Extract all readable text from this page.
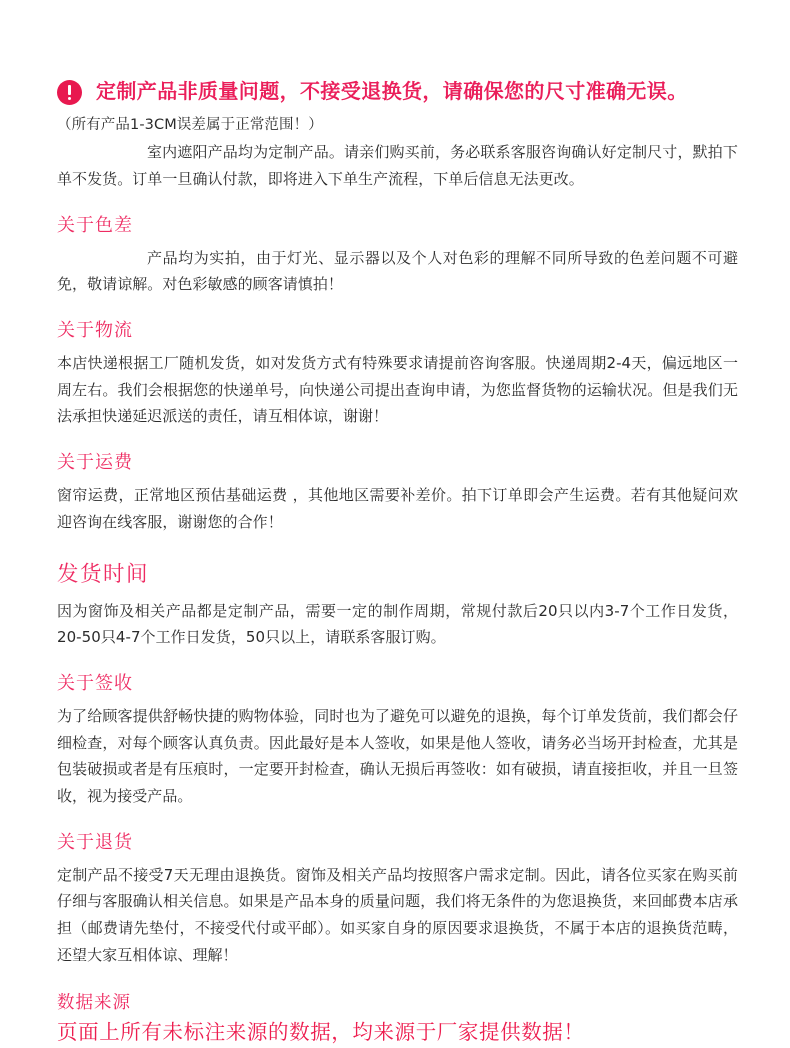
定制产品非质量问题，不接受退换货，请确保您的尺寸准确无误。
（所有产品1-3CM误差属于正常范围！）

室内遮阳产品均为定制产品。请亲们购买前，务必联系客服咨询确认好定制尺寸，默拍下单不发货。订单一旦确认付款，即将进入下单生产流程，下单后信息无法更改。

关于色差

产品均为实拍，由于灯光、显示器以及个人对色彩的理解不同所导致的色差问题不可避免，敬请谅解。对色彩敏感的顾客请慎拍！

关于物流

本店快递根据工厂随机发货，如对发货方式有特殊要求请提前咨询客服。快递周期2-4天，偏远地区一周左右。我们会根据您的快递单号，向快递公司提出查询申请，为您监督货物的运输状况。但是我们无法承担快递延迟派送的责任，请互相体谅，谢谢！

关于运费

窗帘运费，正常地区预估基础运费 ，其他地区需要补差价。拍下订单即会产生运费。若有其他疑问欢迎咨询在线客服，谢谢您的合作！

发货时间

因为窗饰及相关产品都是定制产品，需要一定的制作周期，常规付款后20只以内3-7个工作日发货，20-50只4-7个工作日发货，50只以上，请联系客服订购。

关于签收

为了给顾客提供舒畅快捷的购物体验，同时也为了避免可以避免的退换，每个订单发货前，我们都会仔细检查，对每个顾客认真负责。因此最好是本人签收，如果是他人签收，请务必当场开封检查，尤其是包装破损或者是有压痕时，一定要开封检查，确认无损后再签收：如有破损，请直接拒收，并且一旦签收，视为接受产品。

关于退货

定制产品不接受7天无理由退换货。窗饰及相关产品均按照客户需求定制。因此，请各位买家在购买前仔细与客服确认相关信息。如果是产品本身的质量问题，我们将无条件的为您退换货，来回邮费本店承担（邮费请先垫付，不接受代付或平邮）。如买家自身的原因要求退换货，不属于本店的退换货范畴，还望大家互相体谅、理解！

数据来源
页面上所有未标注来源的数据，均来源于厂家提供数据！
